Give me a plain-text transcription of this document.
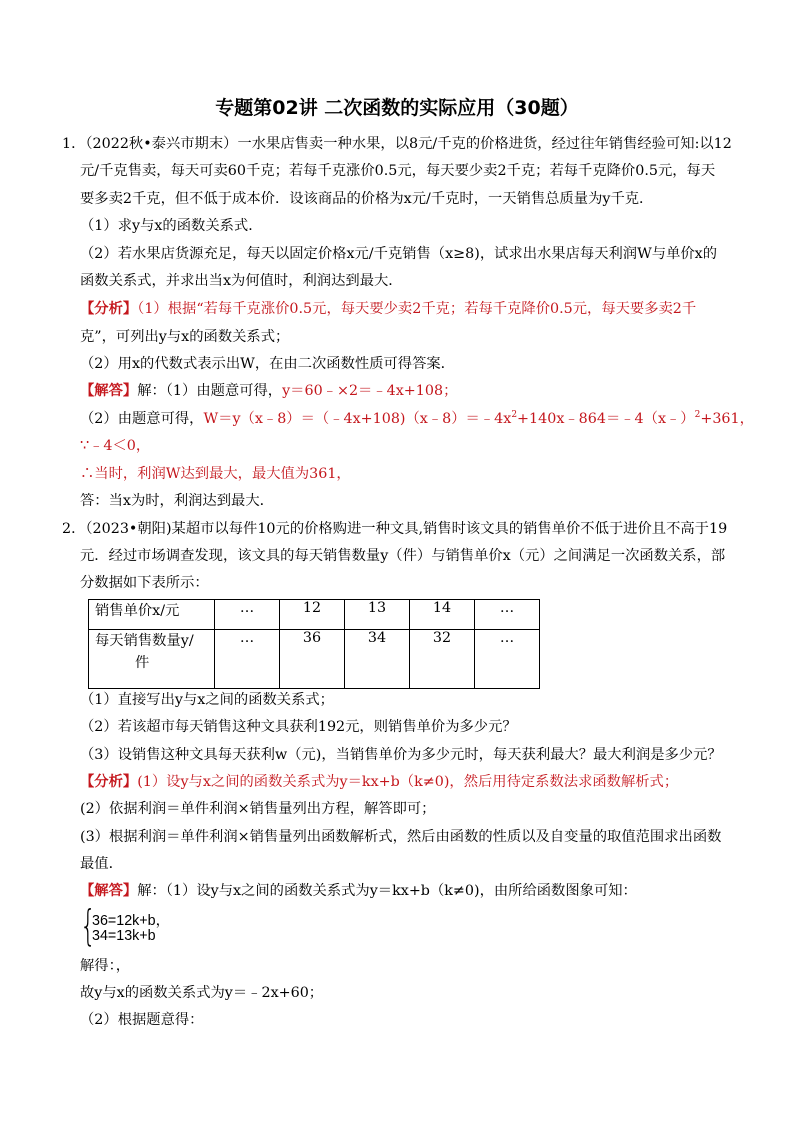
专题第02讲 二次函数的实际应用（30题）
1．（2022秋•泰兴市期末）一水果店售卖一种水果，以8元/千克的价格进货，经过往年销售经验可知:以12
元/千克售卖，每天可卖60千克；若每千克涨价0.5元，每天要少卖2千克；若每千克降价0.5元，每天
要多卖2千克，但不低于成本价．设该商品的价格为x元/千克时，一天销售总质量为y千克．
（1）求y与x的函数关系式．
（2）若水果店货源充足，每天以固定价格x元/千克销售（x≥8)，试求出水果店每天利润W与单价x的
函数关系式，并求出当x为何值时，利润达到最大．
【分析】（1）根据“若每千克涨价0.5元，每天要少卖2千克；若每千克降价0.5元，每天要多卖2千
克”，可列出y与x的函数关系式；
（2）用x的代数式表示出W，在由二次函数性质可得答案．
【解答】解：（1）由题意可得，y＝60﹣×2＝﹣4x+108；
（2）由题意可得，$W=y(x﹣8)=(﹣4x+108)(x﹣8)=﹣4x^2+140x﹣864=﹣4(x﹣)^2+361$，
∵﹣4＜0，
∴当时，利润W达到最大，最大值为361，
答：当x为时，利润达到最大．
2．（2023•朝阳)某超市以每件10元的价格购进一种文具,销售时该文具的销售单价不低于进价且不高于19
元．经过市场调查发现，该文具的每天销售数量y（件）与销售单价x（元）之间满足一次函数关系，部
分数据如下表所示：
销售单价x/元	…	12	13	14	…

每天销售数量y/
件	…	36	34	32	…
（1）直接写出y与x之间的函数关系式；
（2）若该超市每天销售这种文具获利192元，则销售单价为多少元？
（3）设销售这种文具每天获利w（元)，当销售单价为多少元时，每天获利最大？最大利润是多少元？
【分析】(1）设y与x之间的函数关系式为y＝kx+b（k≠0)，然后用待定系数法求函数解析式；
(2）依据利润＝单件利润×销售量列出方程，解答即可；
(3）根据利润＝单件利润×销售量列出函数解析式，然后由函数的性质以及自变量的取值范围求出函数
最值．
【解答】解：（1）设y与x之间的函数关系式为y＝kx+b（k≠0)，由所给函数图象可知：
{
36=12k+b，
34=13k+b
解得：，
故y与x的函数关系式为y＝﹣2x+60；
（2）根据题意得：
